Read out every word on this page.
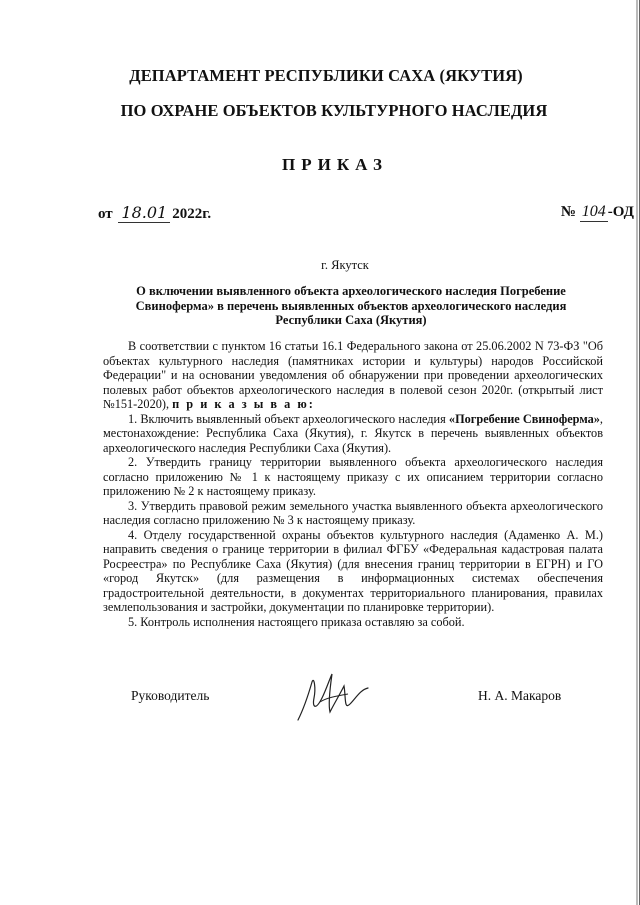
ДЕПАРТАМЕНТ РЕСПУБЛИКИ САХА (ЯКУТИЯ)
ПО ОХРАНЕ ОБЪЕКТОВ КУЛЬТУРНОГО НАСЛЕДИЯ
ПРИКАЗ
от 18.01 2022г.	№ 104 -ОД
г. Якутск
О включении выявленного объекта археологического наследия Погребение Свиноферма» в перечень выявленных объектов археологического наследия Республики Саха (Якутия)

В соответствии с пунктом 16 статьи 16.1 Федерального закона от 25.06.2002 N 73-ФЗ "Об объектах культурного наследия (памятниках истории и культуры) народов Российской Федерации" и на основании уведомления об обнаружении при проведении археологических полевых работ объектов археологического наследия в полевой сезон 2020г. (открытый лист №151-2020), п р и к а з ы в а ю:

1. Включить выявленный объект археологического наследия «Погребение Свиноферма», местонахождение: Республика Саха (Якутия), г. Якутск в перечень выявленных объектов археологического наследия Республики Саха (Якутия).

2. Утвердить границу территории выявленного объекта археологического наследия согласно приложению № 1 к настоящему приказу с их описанием территории согласно приложению № 2 к настоящему приказу.

3. Утвердить правовой режим земельного участка выявленного объекта археологического наследия согласно приложению № 3 к настоящему приказу.

4. Отделу государственной охраны объектов культурного наследия (Адаменко А. М.) направить сведения о границе территории в филиал ФГБУ «Федеральная кадастровая палата Росреестра» по Республике Саха (Якутия) (для внесения границ территории в ЕГРН) и ГО «город Якутск» (для размещения в информационных системах обеспечения градостроительной деятельности, в документах территориального планирования, правилах землепользования и застройки, документации по планировке территории).

5. Контроль исполнения настоящего приказа оставляю за собой.

Руководитель	Н. А. Макаров
